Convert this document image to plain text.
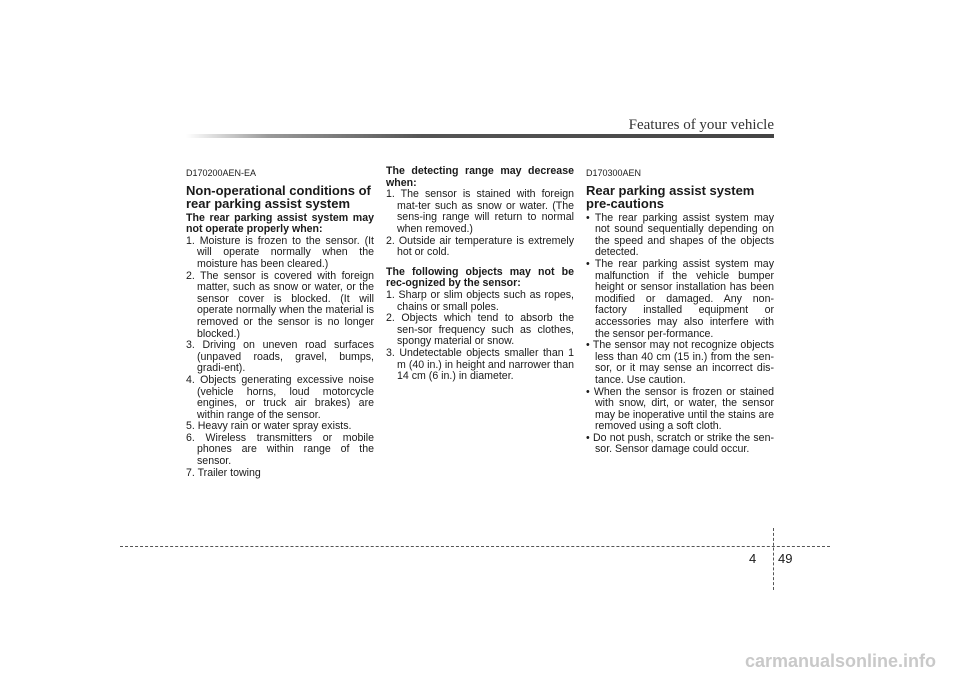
Features of your vehicle
D170200AEN-EA
Non-operational conditions of rear parking assist system
The rear parking assist system may not operate properly when:
1. Moisture is frozen to the sensor. (It will operate normally when the moisture has been cleared.)
2. The sensor is covered with foreign matter, such as snow or water, or the sensor cover is blocked. (It will operate normally when the material is removed or the sensor is no longer blocked.)
3. Driving on uneven road surfaces (unpaved roads, gravel, bumps, gradi-ent).
4. Objects generating excessive noise (vehicle horns, loud motorcycle engines, or truck air brakes) are within range of the sensor.
5. Heavy rain or water spray exists.
6. Wireless transmitters or mobile phones are within range of the sensor.
7. Trailer towing
The detecting range may decrease when:
1. The sensor is stained with foreign mat-ter such as snow or water. (The sens-ing range will return to normal when removed.)
2. Outside air temperature is extremely hot or cold.
The following objects may not be rec-ognized by the sensor:
1. Sharp or slim objects such as ropes, chains or small poles.
2. Objects which tend to absorb the sen-sor frequency such as clothes, spongy material or snow.
3. Undetectable objects smaller than 1 m (40 in.) in height and narrower than 14 cm (6 in.) in diameter.
D170300AEN
Rear parking assist system pre-cautions
• The rear parking assist system may not sound sequentially depending on the speed and shapes of the objects detected.
• The rear parking assist system may malfunction if the vehicle bumper height or sensor installation has been modified or damaged. Any non-factory installed equipment or accessories may also interfere with the sensor per-formance.
• The sensor may not recognize objects less than 40 cm (15 in.) from the sen-sor, or it may sense an incorrect dis-tance. Use caution.
• When the sensor is frozen or stained with snow, dirt, or water, the sensor may be inoperative until the stains are removed using a soft cloth.
• Do not push, scratch or strike the sen-sor. Sensor damage could occur.
4 49
carmanualsonline.info
